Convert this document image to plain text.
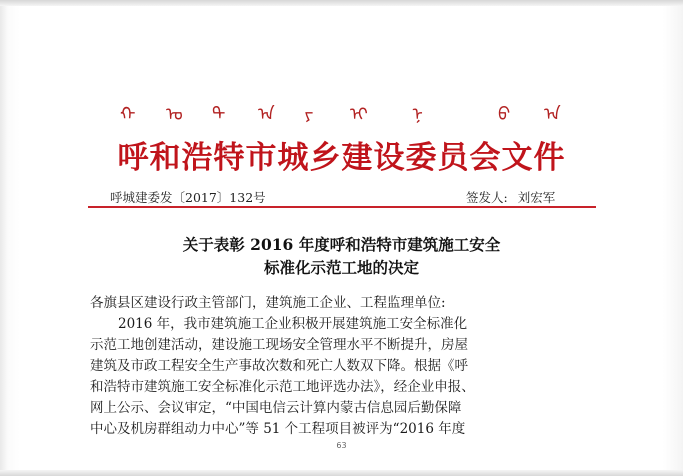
ᠬ ᠣ ᠲ ᠠ ᠶ ᠢ ᠨ	ᠪ ᠠ
呼和浩特市城乡建设委员会文件
呼城建委发〔2017〕132号	签发人: 刘宏军
关于表彰 2016 年度呼和浩特市建筑施工安全
标准化示范工地的决定
各旗县区建设行政主管部门，建筑施工企业、工程监理单位:
2016 年，我市建筑施工企业积极开展建筑施工安全标准化
示范工地创建活动，建设施工现场安全管理水平不断提升，房屋
建筑及市政工程安全生产事故次数和死亡人数双下降。根据《呼
和浩特市建筑施工安全标准化示范工地评选办法》，经企业申报、
网上公示、会议审定，“中国电信云计算内蒙古信息园后勤保障
中心及机房群组动力中心”等 51 个工程项目被评为“2016 年度
63
